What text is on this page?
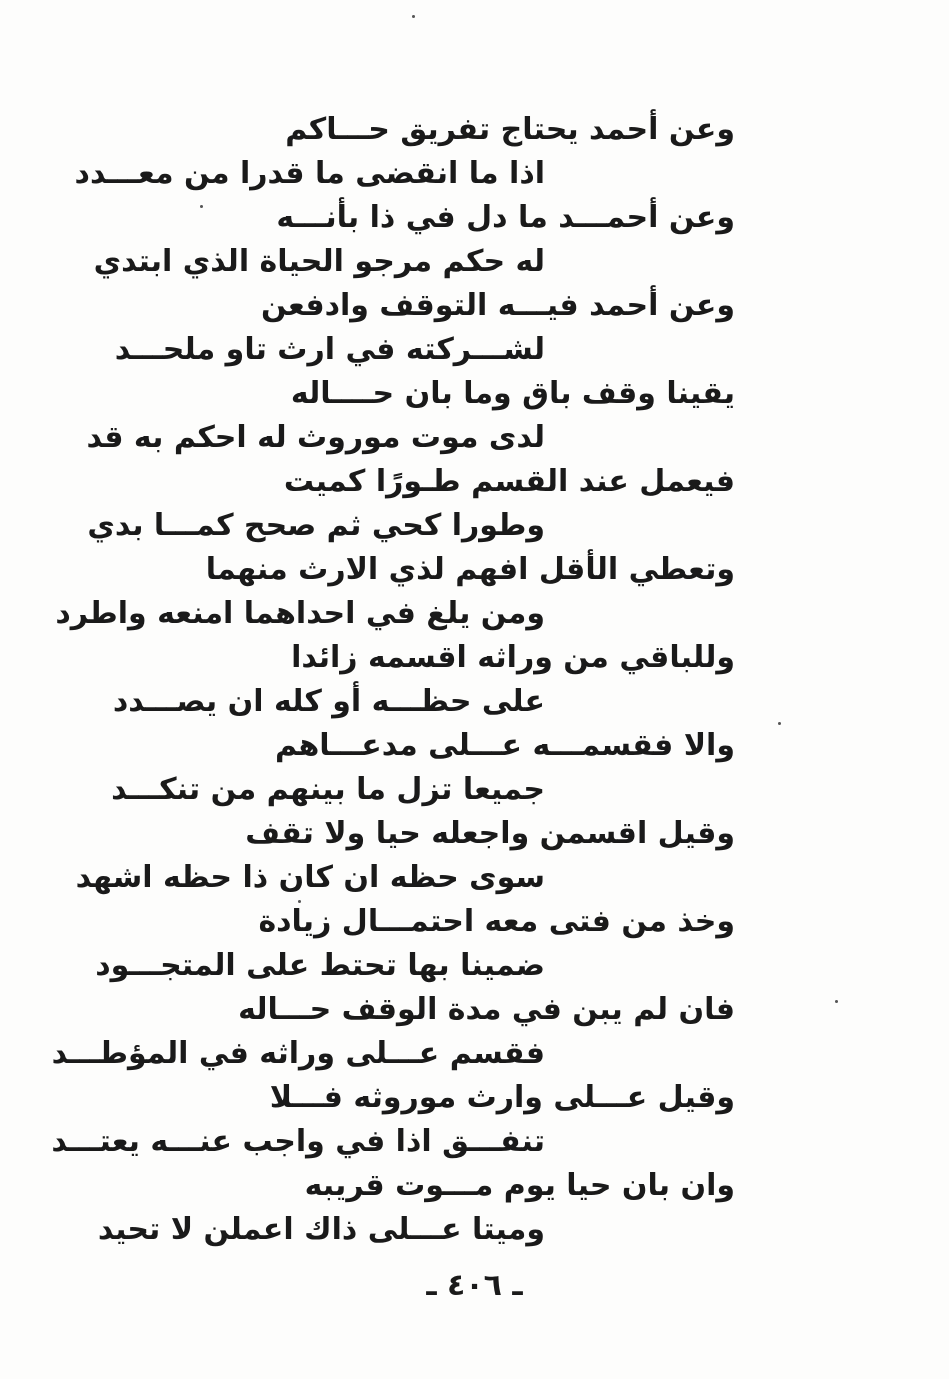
وعن أحمد يحتاج تفريق حـــاكم
اذا ما انقضى ما قدرا من معـــدد
وعن أحمـــد ما دل في ذا بأنـــه
له حكم مرجو الحياة الذي ابتدي
وعن أحمد فيـــه التوقف وادفعن
لشـــركته في ارث تاو ملحـــد
يقينا وقف باق وما بان حــــاله
لدى موت موروث له احكم به قد
فيعمل عند القسم طـورًا كميت
وطورا كحي ثم صحح كمـــا بدي
وتعطي الأقل افهم لذي الارث منهما
ومن يلغ في احداهما امنعه واطرد
وللباقي من وراثه اقسمه زائدا
على حظـــه أو كله ان يصـــدد
والا فقسمـــه عـــلى مدعـــاهم
جميعا تزل ما بينهم من تنكـــد
وقيل اقسمن واجعله حيا ولا تقف
سوى حظه ان كان ذا حظه اشهد
وخذ من فتى معه احتمـــال زيادة
ضمينا بها تحتط على المتجـــود
فان لم يبن في مدة الوقف حـــاله
فقسم عـــلى وراثه في المؤطـــد
وقيل عـــلى وارث موروثه فـــلا
تنفـــق اذا في واجب عنـــه يعتـــد
وان بان حيا يوم مـــوت قريبه
وميتا عـــلى ذاك اعملن لا تحيد
ـ ٤٠٦ ـ
